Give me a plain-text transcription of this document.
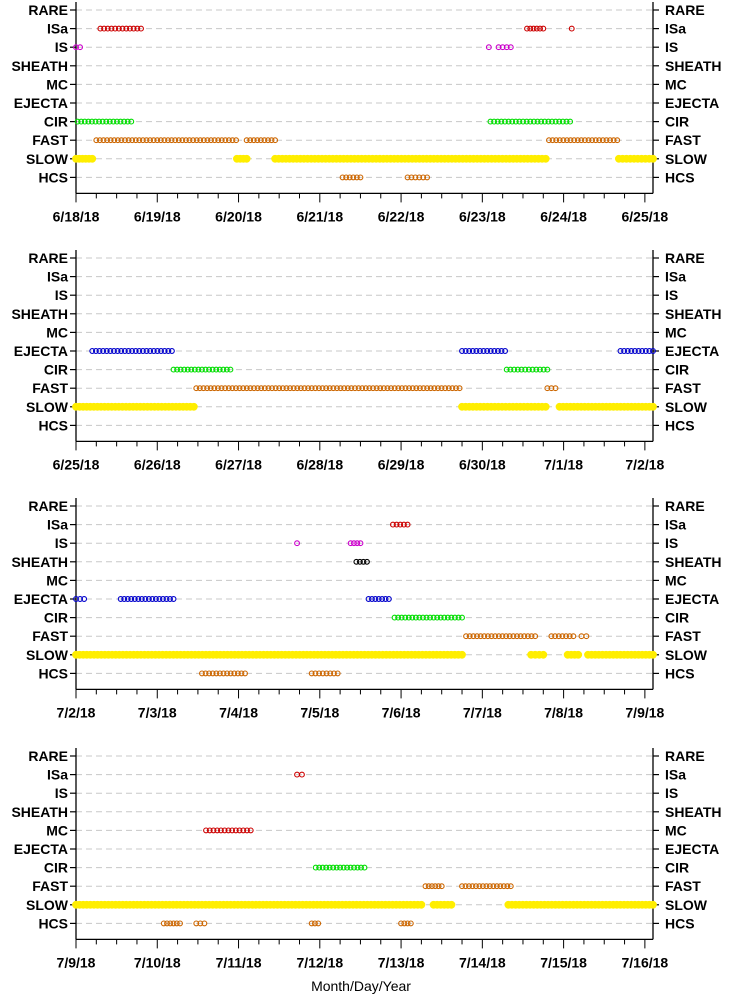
RARE	RARE
ISa	ISa
IS	IS
SHEATH	SHEATH
MC	MC
EJECTA	EJECTA
CIR	CIR
FAST	FAST
SLOW	SLOW
HCS	HCS
6/18/18 6/19/18 6/20/18 6/21/18 6/22/18 6/23/18 6/24/18 6/25/18
RARE	RARE
ISa	ISa
IS	IS
SHEATH	SHEATH
MC	MC
EJECTA	EJECTA
CIR	CIR
FAST	FAST
SLOW	SLOW
HCS	HCS
6/25/18 6/26/18 6/27/18 6/28/18 6/29/18 6/30/18	7/1/18	7/2/18
RARE	RARE
ISa	ISa
IS	IS
SHEATH	SHEATH
MC	MC
EJECTA	EJECTA
CIR	CIR
FAST	FAST
SLOW	SLOW
HCS	HCS
7/2/18	7/3/18	7/4/18	7/5/18	7/6/18	7/7/18	7/8/18	7/9/18
RARE	RARE
ISa	ISa
IS	IS
SHEATH	SHEATH
MC	MC
EJECTA	EJECTA
CIR	CIR
FAST	FAST
SLOW	SLOW
HCS	HCS
7/9/18	7/10/18 7/11/18 7/12/18 7/13/18 7/14/18 7/15/18 7/16/18
Month/Day/Year
